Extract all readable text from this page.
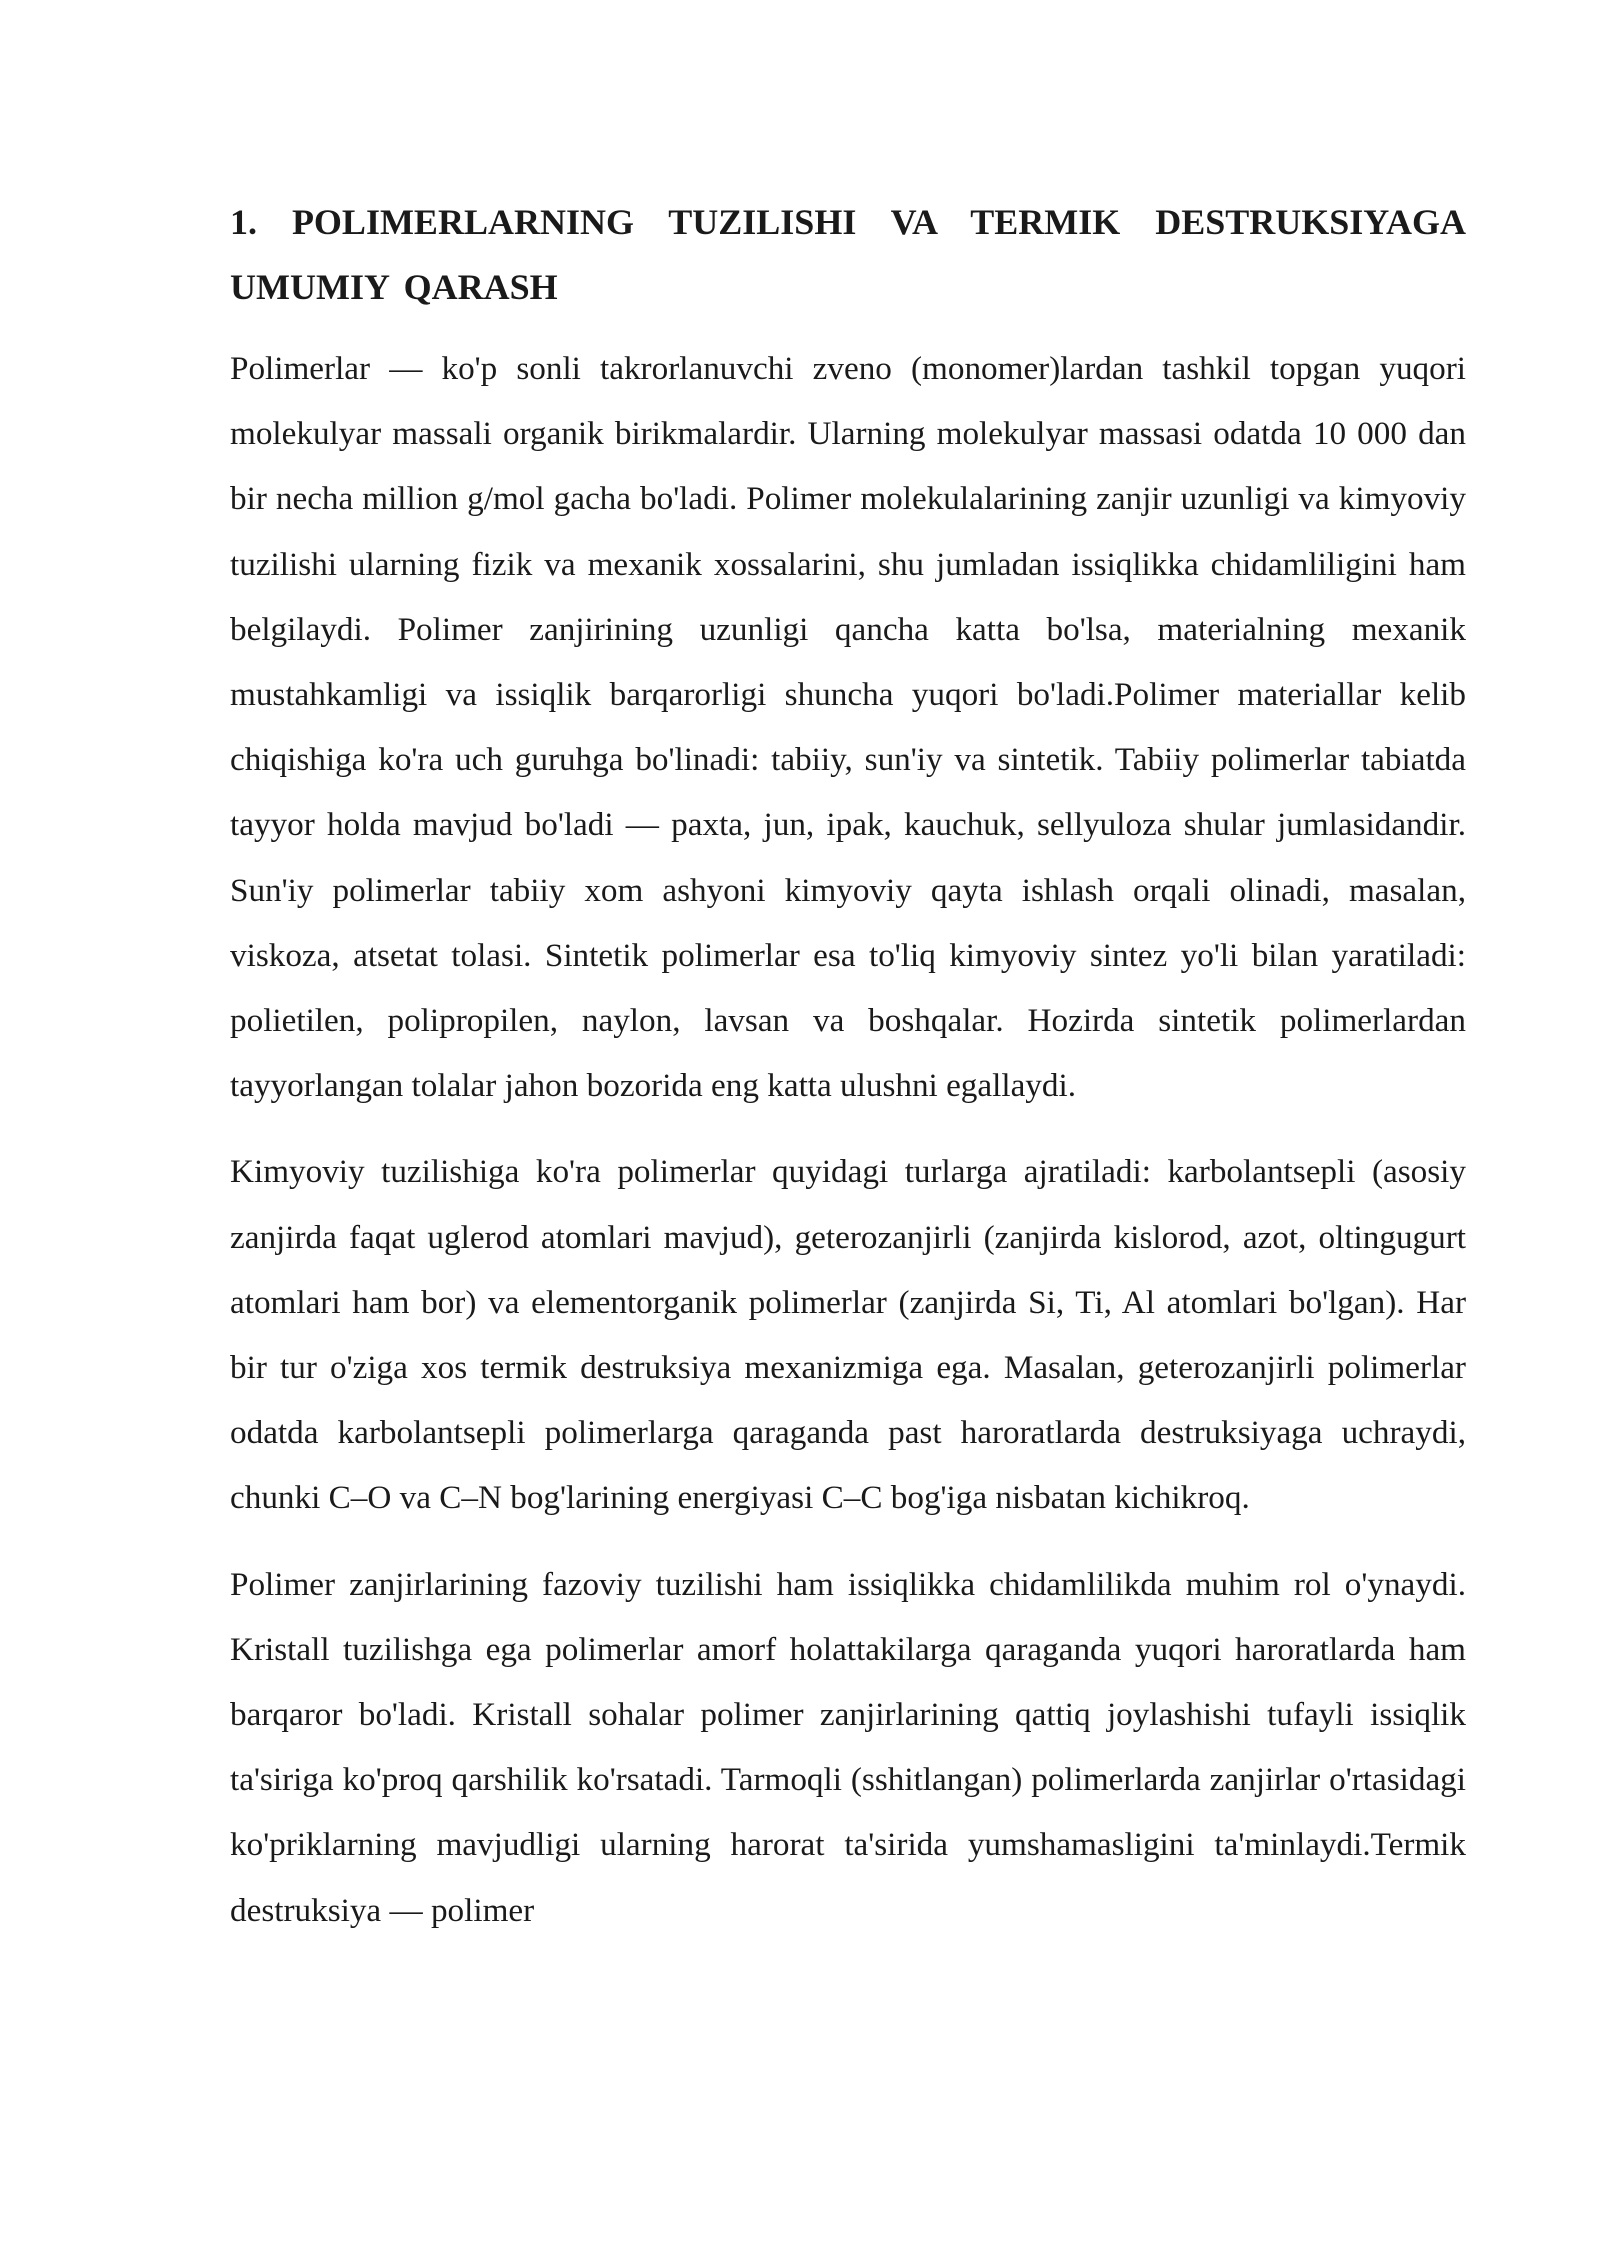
1. POLIMERLARNING TUZILISHI VA TERMIK DESTRUKSIYAGA
UMUMIY QARASH

Polimerlar — ko'p sonli takrorlanuvchi zveno (monomer)lardan tashkil topgan yuqori molekulyar massali organik birikmalardir. Ularning molekulyar massasi odatda 10 000 dan bir necha million g/mol gacha bo'ladi. Polimer molekulalarining zanjir uzunligi va kimyoviy tuzilishi ularning fizik va mexanik xossalarini, shu jumladan issiqlikka chidamliligini ham belgilaydi. Polimer zanjirining uzunligi qancha katta bo'lsa, materialning mexanik mustahkamligi va issiqlik barqarorligi shuncha yuqori bo'ladi.Polimer materiallar kelib chiqishiga ko'ra uch guruhga bo'linadi: tabiiy, sun'iy va sintetik. Tabiiy polimerlar tabiatda tayyor holda mavjud bo'ladi — paxta, jun, ipak, kauchuk, sellyuloza shular jumlasidandir. Sun'iy polimerlar tabiiy xom ashyoni kimyoviy qayta ishlash orqali olinadi, masalan, viskoza, atsetat tolasi. Sintetik polimerlar esa to'liq kimyoviy sintez yo'li bilan yaratiladi: polietilen, polipropilen, naylon, lavsan va boshqalar. Hozirda sintetik polimerlardan tayyorlangan tolalar jahon bozorida eng katta ulushni egallaydi.

Kimyoviy tuzilishiga ko'ra polimerlar quyidagi turlarga ajratiladi: karbolantsepli (asosiy zanjirda faqat uglerod atomlari mavjud), geterozanjirli (zanjirda kislorod, azot, oltingugurt atomlari ham bor) va elementorganik polimerlar (zanjirda Si, Ti, Al atomlari bo'lgan). Har bir tur o'ziga xos termik destruksiya mexanizmiga ega. Masalan, geterozanjirli polimerlar odatda karbolantsepli polimerlarga qaraganda past haroratlarda destruksiyaga uchraydi, chunki C–O va C–N bog'larining energiyasi C–C bog'iga nisbatan kichikroq.

Polimer zanjirlarining fazoviy tuzilishi ham issiqlikka chidamlilikda muhim rol o'ynaydi. Kristall tuzilishga ega polimerlar amorf holattakilarga qaraganda yuqori haroratlarda ham barqaror bo'ladi. Kristall sohalar polimer zanjirlarining qattiq joylashishi tufayli issiqlik ta'siriga ko'proq qarshilik ko'rsatadi. Tarmoqli (sshitlangan) polimerlarda zanjirlar o'rtasidagi ko'priklarning mavjudligi ularning harorat ta'sirida yumshamasligini ta'minlaydi.Termik destruksiya — polimer
